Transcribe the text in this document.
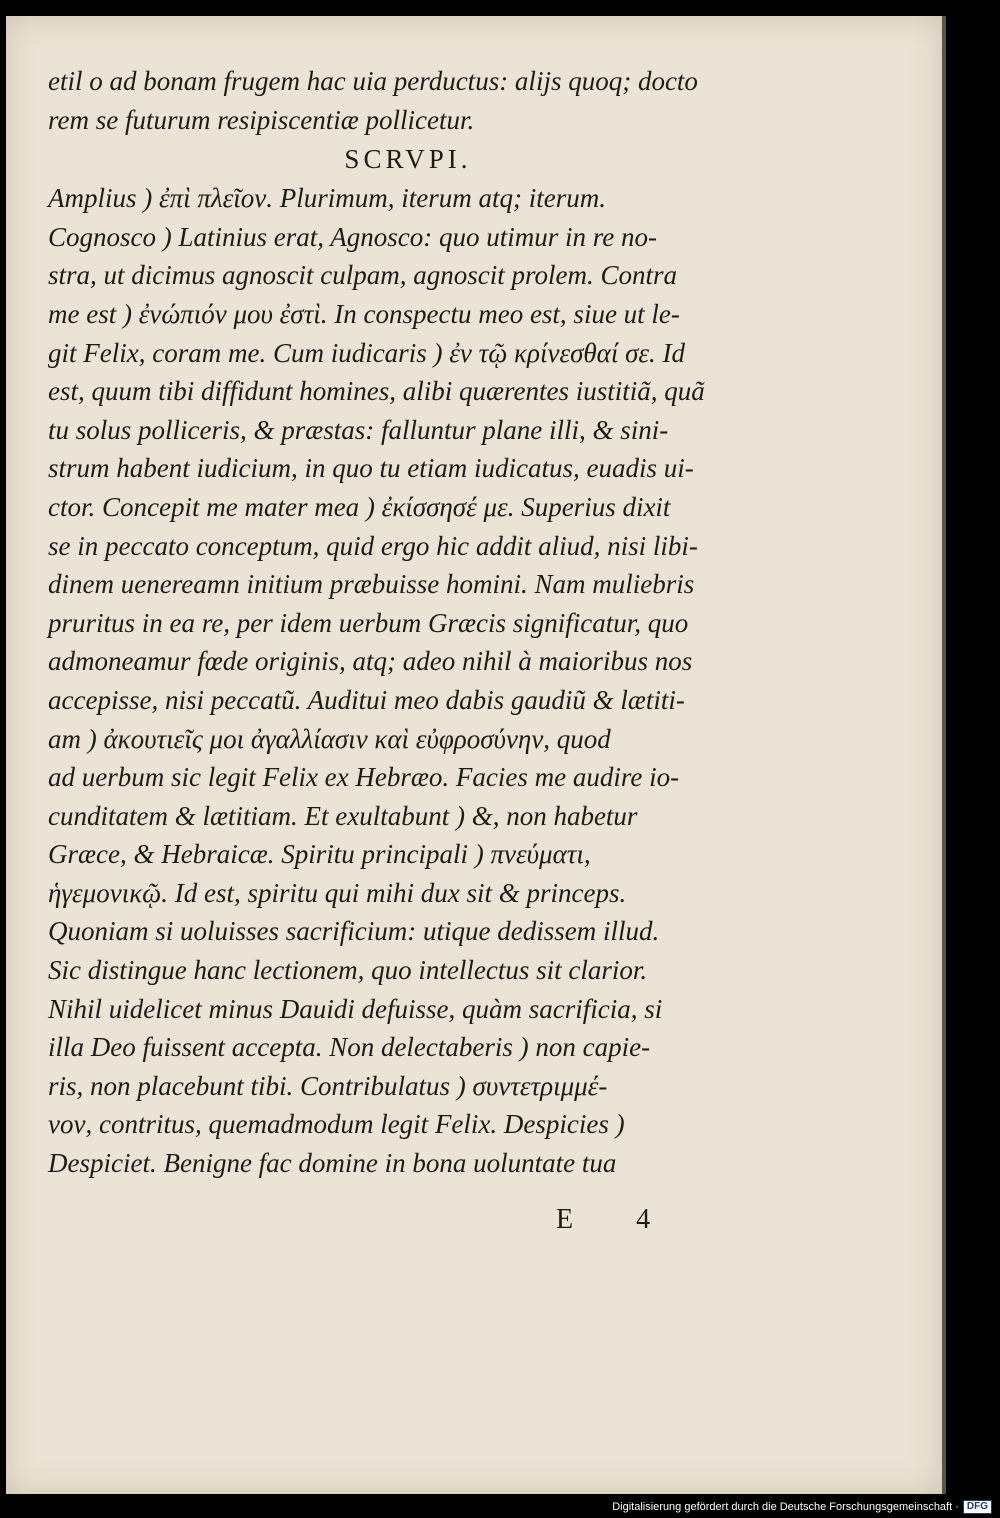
etil o ad bonam frugem hac uia perductus: alijs quoq; docto
rem se futurum resipiscentiæ pollicetur.
SCRVPI.
Amplius ) ἐπὶ πλεῖον. Plurimum, iterum atq; iterum.
Cognosco ) Latinius erat, Agnosco: quo utimur in re no-
stra, ut dicimus agnoscit culpam, agnoscit prolem. Contra
me est ) ἐνώπιόν μου ἐστὶ. In conspectu meo est, siue ut le-
git Felix, coram me. Cum iudicaris ) ἐν τῷ κρίνεσθαί σε. Id
est, quum tibi diffidunt homines, alibi quærentes iustitiã, quã
tu solus polliceris, & præstas: falluntur plane illi, & sini-
strum habent iudicium, in quo tu etiam iudicatus, euadis ui-
ctor. Concepit me mater mea ) ἐκίσσησέ με. Superius dixit
se in peccato conceptum, quid ergo hic addit aliud, nisi libi-
dinem uenereamn initium præbuisse homini. Nam muliebris
pruritus in ea re, per idem uerbum Græcis significatur, quo
admoneamur fœde originis, atq; adeo nihil à maioribus nos
accepisse, nisi peccatũ. Auditui meo dabis gaudiũ & lætiti-
am ) ἀκουτιεῖς μοι ἀγαλλίασιν καὶ εὐφροσύνην, quod
ad uerbum sic legit Felix ex Hebræo. Facies me audire io-
cunditatem & lætitiam. Et exultabunt ) &, non habetur
Græce, & Hebraicæ. Spiritu principali ) πνεύματι,
ἡγεμονικῷ. Id est, spiritu qui mihi dux sit & princeps.
Quoniam si uoluisses sacrificium: utique dedissem illud.
Sic distingue hanc lectionem, quo intellectus sit clarior.
Nihil uidelicet minus Dauidi defuisse, quàm sacrificia, si
illa Deo fuissent accepta. Non delectaberis ) non capie-
ris, non placebunt tibi. Contribulatus ) συντετριμμέ-
νον, contritus, quemadmodum legit Felix. Despicies )
Despiciet. Benigne fac domine in bona uoluntate tua
E 4
Digitalisierung gefördert durch die Deutsche Forschungsgemeinschaft · DFG
